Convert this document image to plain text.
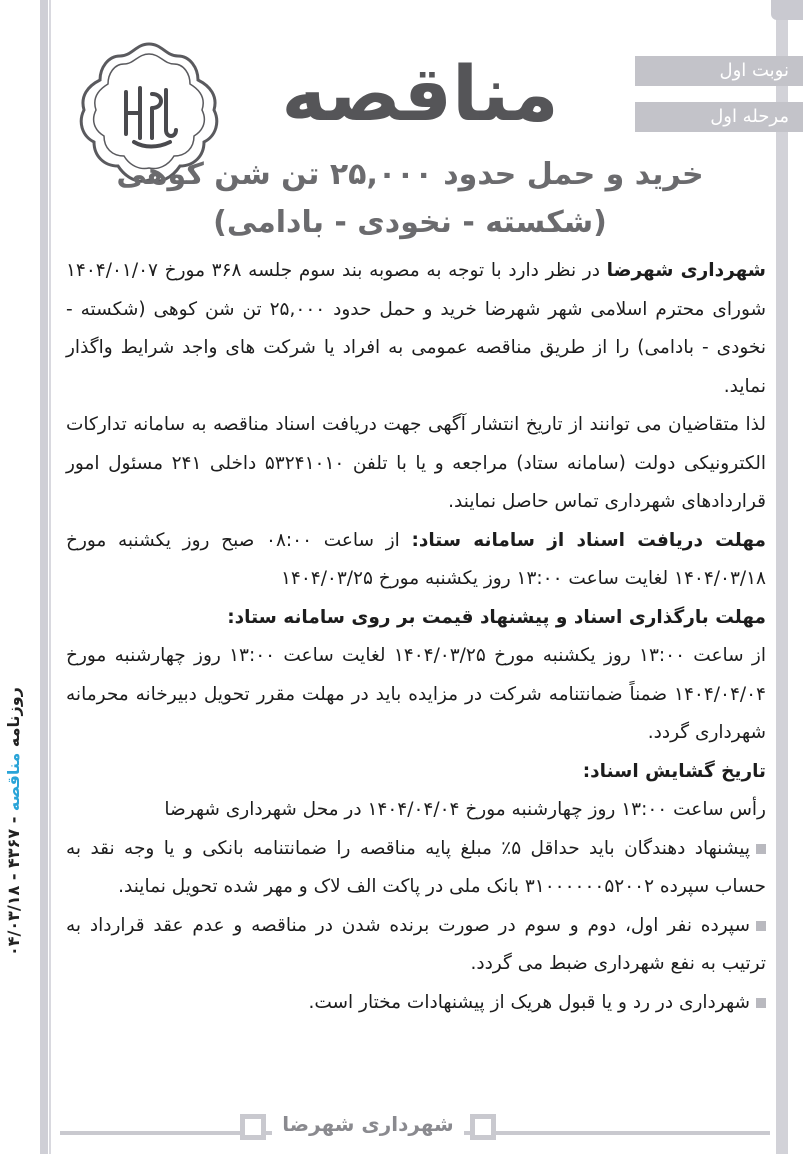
نوبت اول
مرحله اول
مناقصه
خرید و حمل حدود ۲۵,۰۰۰ تن شن کوهی
(شکسته - نخودی - بادامی)

شهرداری شهرضا در نظر دارد با توجه به مصوبه بند سوم جلسه ۳۶۸ مورخ ۱۴۰۴/۰۱/۰۷ شورای محترم اسلامی شهر شهرضا خرید و حمل حدود ۲۵,۰۰۰ تن شن کوهی (شکسته - نخودی - بادامی) را از طریق مناقصه عمومی به افراد یا شرکت های واجد شرایط واگذار نماید.

لذا متقاضیان می توانند از تاریخ انتشار آگهی جهت دریافت اسناد مناقصه به سامانه تدارکات الکترونیکی دولت (سامانه ستاد) مراجعه و یا با تلفن ۵۳۲۴۱۰۱۰ داخلی ۲۴۱ مسئول امور قراردادهای شهرداری تماس حاصل نمایند.

مهلت دریافت اسناد از سامانه ستاد: از ساعت ۰۸:۰۰ صبح روز یکشنبه مورخ ۱۴۰۴/۰۳/۱۸ لغایت ساعت ۱۳:۰۰ روز یکشنبه مورخ ۱۴۰۴/۰۳/۲۵

مهلت بارگذاری اسناد و پیشنهاد قیمت بر روی سامانه ستاد:
از ساعت ۱۳:۰۰ روز یکشنبه مورخ ۱۴۰۴/۰۳/۲۵ لغایت ساعت ۱۳:۰۰ روز چهارشنبه مورخ ۱۴۰۴/۰۴/۰۴ ضمناً ضمانتنامه شرکت در مزایده باید در مهلت مقرر تحویل دبیرخانه محرمانه شهرداری گردد.

تاریخ گشایش اسناد:
رأس ساعت ۱۳:۰۰ روز چهارشنبه مورخ ۱۴۰۴/۰۴/۰۴ در محل شهرداری شهرضا

پیشنهاد دهندگان باید حداقل ۵٪ مبلغ پایه مناقصه را ضمانتنامه بانکی و یا وجه نقد به حساب سپرده ۳۱۰۰۰۰۰۰۵۲۰۰۲ بانک ملی در پاکت الف لاک و مهر شده تحویل نمایند.

سپرده نفر اول، دوم و سوم در صورت برنده شدن در مناقصه و عدم عقد قرارداد به ترتیب به نفع شهرداری ضبط می گردد.

شهرداری در رد و یا قبول هریک از پیشنهادات مختار است.

روزنامه مناقصه - ۴۳۶۷ - ۰۴/۰۳/۱۸
شهرداری شهرضا
